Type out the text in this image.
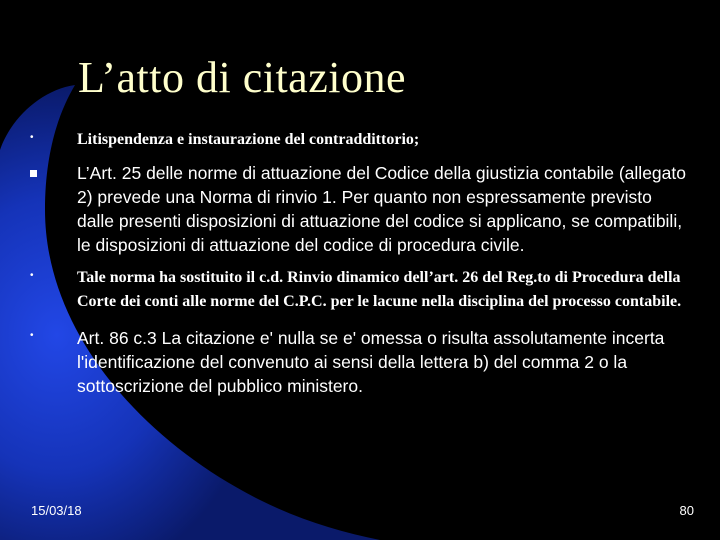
L’atto di citazione
•	Litispendenza e instaurazione del contraddittorio;
L’Art. 25 delle norme di attuazione del Codice della giustizia contabile (allegato 2) prevede una Norma di rinvio 1. Per quanto non espressamente previsto dalle presenti disposizioni di attuazione del codice si applicano, se compatibili, le disposizioni di attuazione del codice di procedura civile.
•	Tale norma ha sostituito il c.d. Rinvio dinamico dell’art. 26 del Reg.to di Procedura della Corte dei conti alle norme del C.P.C. per le lacune nella disciplina del processo contabile.
• Art. 86 c.3 La citazione e' nulla se e' omessa o risulta assolutamente incerta l'identificazione del convenuto ai sensi della lettera b) del comma 2 o la sottoscrizione del pubblico ministero.
15/03/18	80
